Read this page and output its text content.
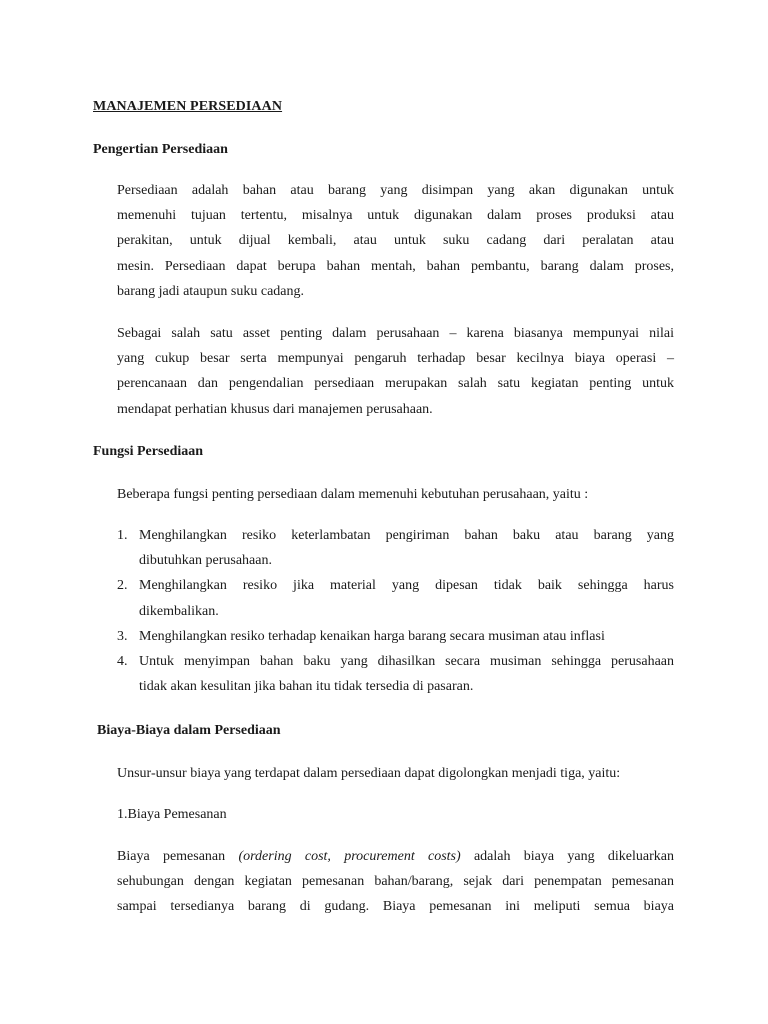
MANAJEMEN PERSEDIAAN
Pengertian Persediaan

Persediaan adalah bahan atau barang yang disimpan yang akan digunakan untuk
memenuhi tujuan tertentu, misalnya untuk digunakan dalam proses produksi atau
perakitan, untuk dijual kembali, atau untuk suku cadang dari peralatan atau
mesin. Persediaan dapat berupa bahan mentah, bahan pembantu, barang dalam proses,
barang jadi ataupun suku cadang.

Sebagai salah satu asset penting dalam perusahaan – karena biasanya mempunyai nilai
yang cukup besar serta mempunyai pengaruh terhadap besar kecilnya biaya operasi –
perencanaan dan pengendalian persediaan merupakan salah satu kegiatan penting untuk
mendapat perhatian khusus dari manajemen perusahaan.

Fungsi Persediaan

Beberapa fungsi penting persediaan dalam memenuhi kebutuhan perusahaan, yaitu :

1. Menghilangkan resiko keterlambatan pengiriman bahan baku atau barang yang
dibutuhkan perusahaan.
2. Menghilangkan resiko jika material yang dipesan tidak baik sehingga harus
dikembalikan.
3. Menghilangkan resiko terhadap kenaikan harga barang secara musiman atau inflasi
4. Untuk menyimpan bahan baku yang dihasilkan secara musiman sehingga perusahaan
tidak akan kesulitan jika bahan itu tidak tersedia di pasaran.
Biaya-Biaya dalam Persediaan

Unsur-unsur biaya yang terdapat dalam persediaan dapat digolongkan menjadi tiga, yaitu:

1.Biaya Pemesanan

Biaya pemesanan (ordering cost, procurement costs) adalah biaya yang dikeluarkan
sehubungan dengan kegiatan pemesanan bahan/barang, sejak dari penempatan pemesanan
sampai tersedianya barang di gudang. Biaya pemesanan ini meliputi semua biaya
